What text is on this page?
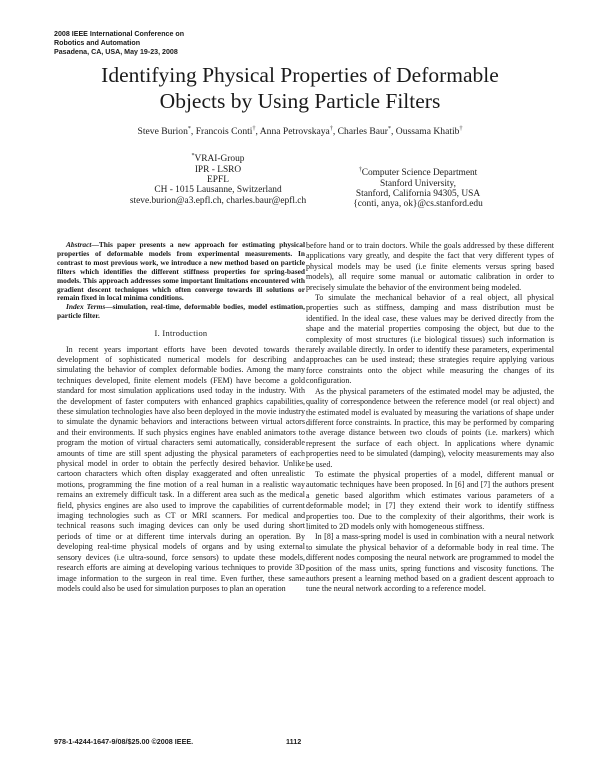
2008 IEEE International Conference on
Robotics and Automation
Pasadena, CA, USA, May 19-23, 2008
Identifying Physical Properties of Deformable
Objects by Using Particle Filters
Steve Burion*, Francois Conti†, Anna Petrovskaya†, Charles Baur*, Oussama Khatib†
*VRAI-Group
IPR - LSRO
EPFL
CH - 1015 Lausanne, Switzerland
steve.burion@a3.epfl.ch, charles.baur@epfl.ch
†Computer Science Department
Stanford University,
Stanford, California 94305, USA
{conti, anya, ok}@cs.stanford.edu

Abstract—This paper presents a new approach for estimating physical properties of deformable models from experimental measurements. In contrast to most previous work, we introduce a new method based on particle filters which identifies the different stiffness properties for spring-based models. This approach addresses some important limitations encountered with gradient descent techniques which often converge towards ill solutions or remain fixed in local minima conditions.

Index Terms—simulation, real-time, deformable bodies, model estimation, particle filter.

I. Introduction

In recent years important efforts have been devoted towards the development of sophisticated numerical models for describing and simulating the behavior of complex deformable bodies. Among the many techniques developed, finite element models (FEM) have become a gold standard for most simulation applications used today in the industry. With the development of faster computers with enhanced graphics capabilities, these simulation technologies have also been deployed in the movie industry to simulate the dynamic behaviors and interactions between virtual actors and their environments. If such physics engines have enabled animators to program the motion of virtual characters semi automatically, considerable amounts of time are still spent adjusting the physical parameters of each physical model in order to obtain the perfectly desired behavior. Unlike cartoon characters which often display exaggerated and often unrealistic motions, programming the fine motion of a real human in a realistic way remains an extremely difficult task. In a different area such as the medical field, physics engines are also used to improve the capabilities of current imaging technologies such as CT or MRI scanners. For medical and technical reasons such imaging devices can only be used during short periods of time or at different time intervals during an operation. By developing real-time physical models of organs and by using external sensory devices (i.e ultra-sound, force sensors) to update these models, research efforts are aiming at developing various techniques to provide 3D image information to the surgeon in real time. Even further, these same models could also be used for simulation purposes to plan an operation

before hand or to train doctors. While the goals addressed by these different applications vary greatly, and despite the fact that very different types of physical models may be used (i.e finite elements versus spring based models), all require some manual or automatic calibration in order to precisely simulate the behavior of the environment being modeled.

To simulate the mechanical behavior of a real object, all physical properties such as stiffness, damping and mass distribution must be identified. In the ideal case, these values may be derived directly from the shape and the material properties composing the object, but due to the complexity of most structures (i.e biological tissues) such information is rarely available directly. In order to identify these parameters, experimental approaches can be used instead; these strategies require applying various force constraints onto the object while measuring the changes of its configuration.

As the physical parameters of the estimated model may be adjusted, the quality of correspondence between the reference model (or real object) and the estimated model is evaluated by measuring the variations of shape under different force constraints. In practice, this may be performed by comparing the average distance between two clouds of points (i.e. markers) which represent the surface of each object. In applications where dynamic properties need to be simulated (damping), velocity measurements may also be used.

To estimate the physical properties of a model, different manual or automatic techniques have been proposed. In [6] and [7] the authors present a genetic based algorithm which estimates various parameters of a deformable model; in [7] they extend their work to identify stiffness properties too. Due to the complexity of their algorithms, their work is limited to 2D models only with homogeneous stiffness.

In [8] a mass-spring model is used in combination with a neural network to simulate the physical behavior of a deformable body in real time. The different nodes composing the neural network are programmed to model the position of the mass units, spring functions and viscosity functions. The authors present a learning method based on a gradient descent approach to tune the neural network according to a reference model.

978-1-4244-1647-9/08/$25.00 ©2008 IEEE.	1112
